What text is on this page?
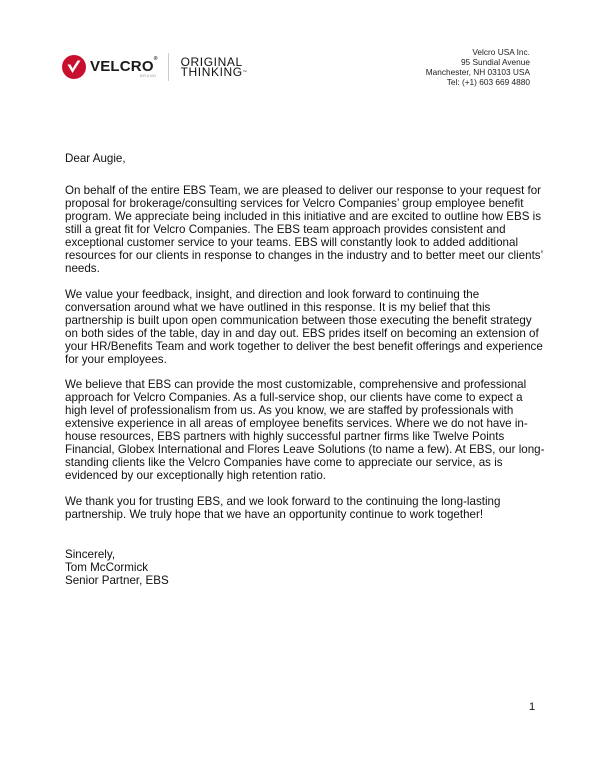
VELCRO®
BRAND
ORIGINAL
THINKING™
Velcro USA Inc.
95 Sundial Avenue
Manchester, NH 03103 USA
Tel: (+1) 603 669 4880

Dear Augie,

On behalf of the entire EBS Team, we are pleased to deliver our response to your request for proposal for brokerage/consulting services for Velcro Companies’ group employee benefit program. We appreciate being included in this initiative and are excited to outline how EBS is still a great fit for Velcro Companies. The EBS team approach provides consistent and exceptional customer service to your teams. EBS will constantly look to added additional resources for our clients in response to changes in the industry and to better meet our clients’ needs.

We value your feedback, insight, and direction and look forward to continuing the conversation around what we have outlined in this response. It is my belief that this partnership is built upon open communication between those executing the benefit strategy on both sides of the table, day in and day out. EBS prides itself on becoming an extension of your HR/Benefits Team and work together to deliver the best benefit offerings and experience for your employees.

We believe that EBS can provide the most customizable, comprehensive and professional approach for Velcro Companies. As a full-service shop, our clients have come to expect a high level of professionalism from us. As you know, we are staffed by professionals with extensive experience in all areas of employee benefits services. Where we do not have in-house resources, EBS partners with highly successful partner firms like Twelve Points Financial, Globex International and Flores Leave Solutions (to name a few). At EBS, our long-standing clients like the Velcro Companies have come to appreciate our service, as is evidenced by our exceptionally high retention ratio.

We thank you for trusting EBS, and we look forward to the continuing the long-lasting partnership. We truly hope that we have an opportunity continue to work together!

Sincerely,
Tom McCormick
Senior Partner, EBS
1
